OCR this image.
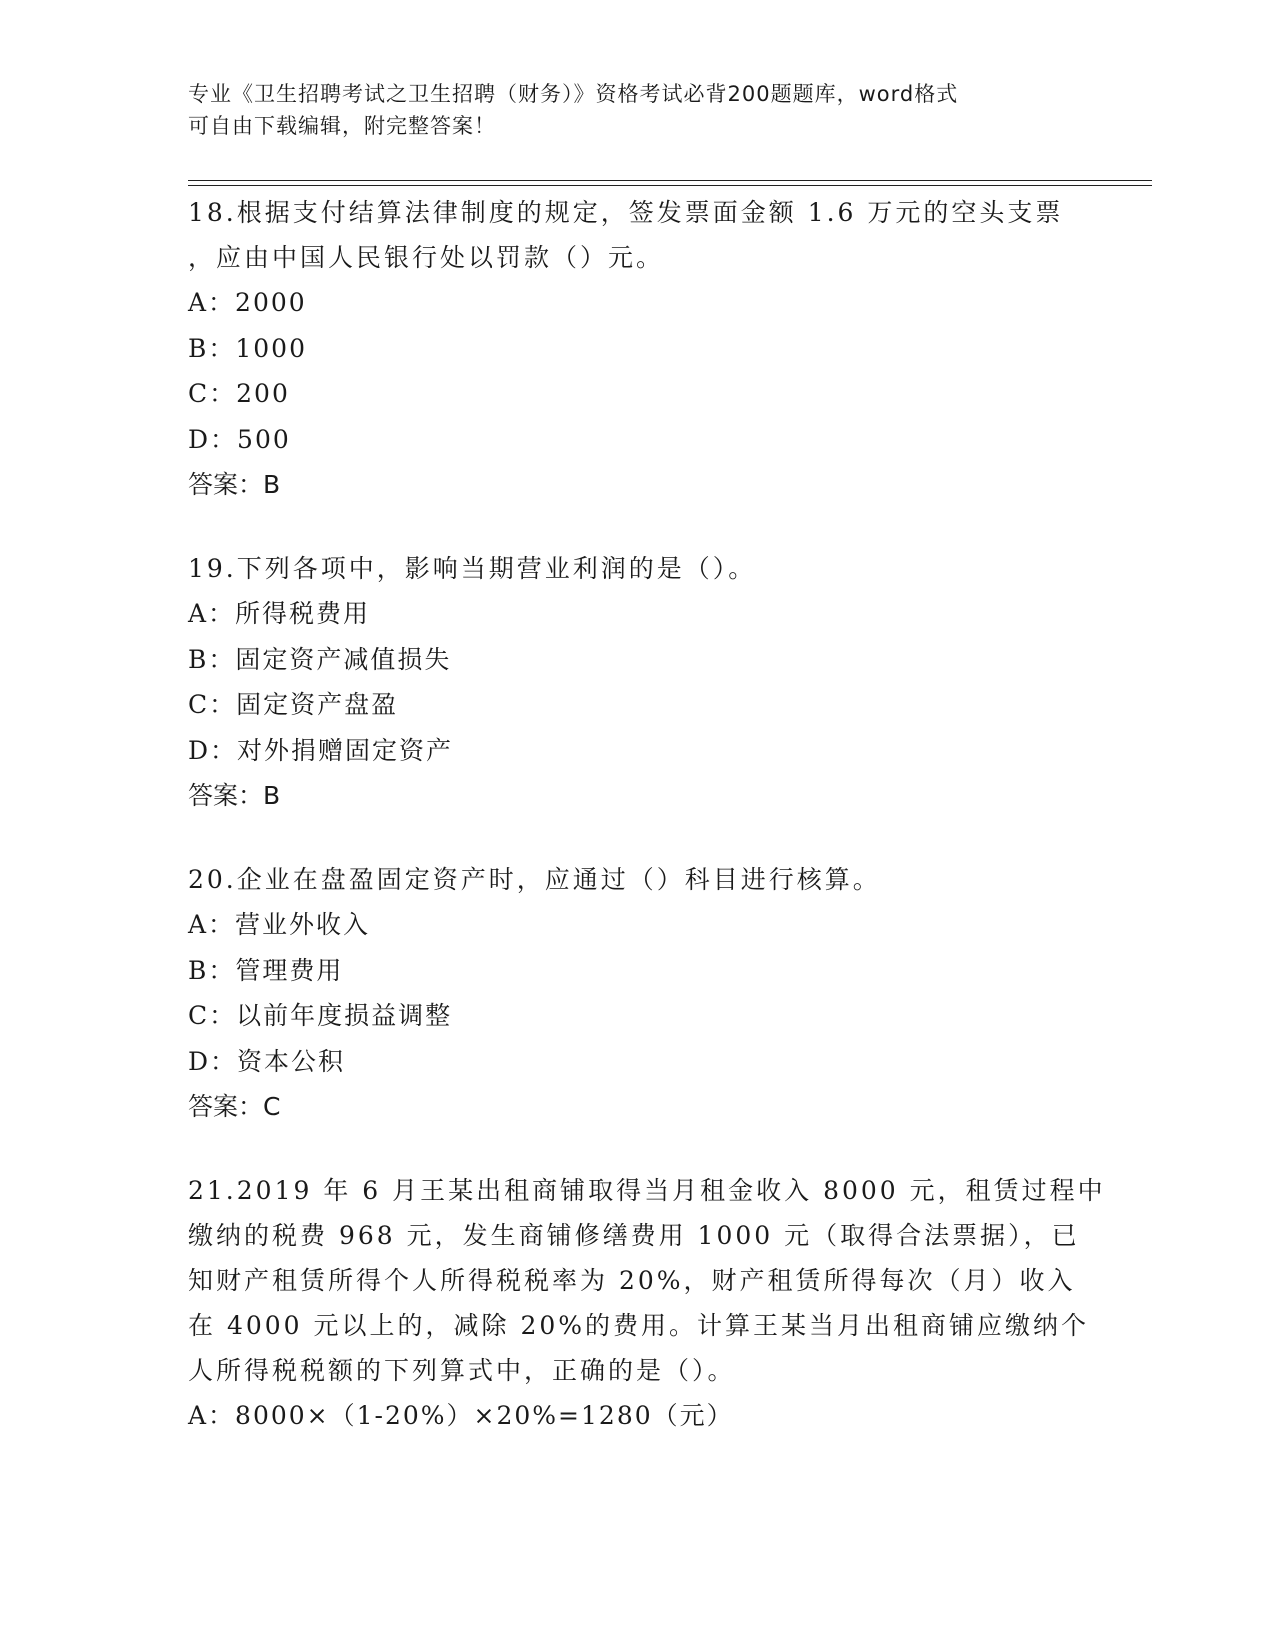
专业《卫生招聘考试之卫生招聘（财务）》资格考试必背200题题库，word格式
可自由下载编辑，附完整答案！
18.根据支付结算法律制度的规定，签发票面金额 1.6 万元的空头支票
，应由中国人民银行处以罚款（）元。
A：2000
B：1000
C：200
D：500
答案：B
19.下列各项中，影响当期营业利润的是（）。
A：所得税费用
B：固定资产减值损失
C：固定资产盘盈
D：对外捐赠固定资产
答案：B
20.企业在盘盈固定资产时，应通过（）科目进行核算。
A：营业外收入
B：管理费用
C：以前年度损益调整
D：资本公积
答案：C
21.2019 年 6 月王某出租商铺取得当月租金收入 8000 元，租赁过程中
缴纳的税费 968 元，发生商铺修缮费用 1000 元（取得合法票据），已
知财产租赁所得个人所得税税率为 20%，财产租赁所得每次（月）收入
在 4000 元以上的，减除 20%的费用。计算王某当月出租商铺应缴纳个
人所得税税额的下列算式中，正确的是（）。
A：8000×（1-20%）×20%=1280（元）
